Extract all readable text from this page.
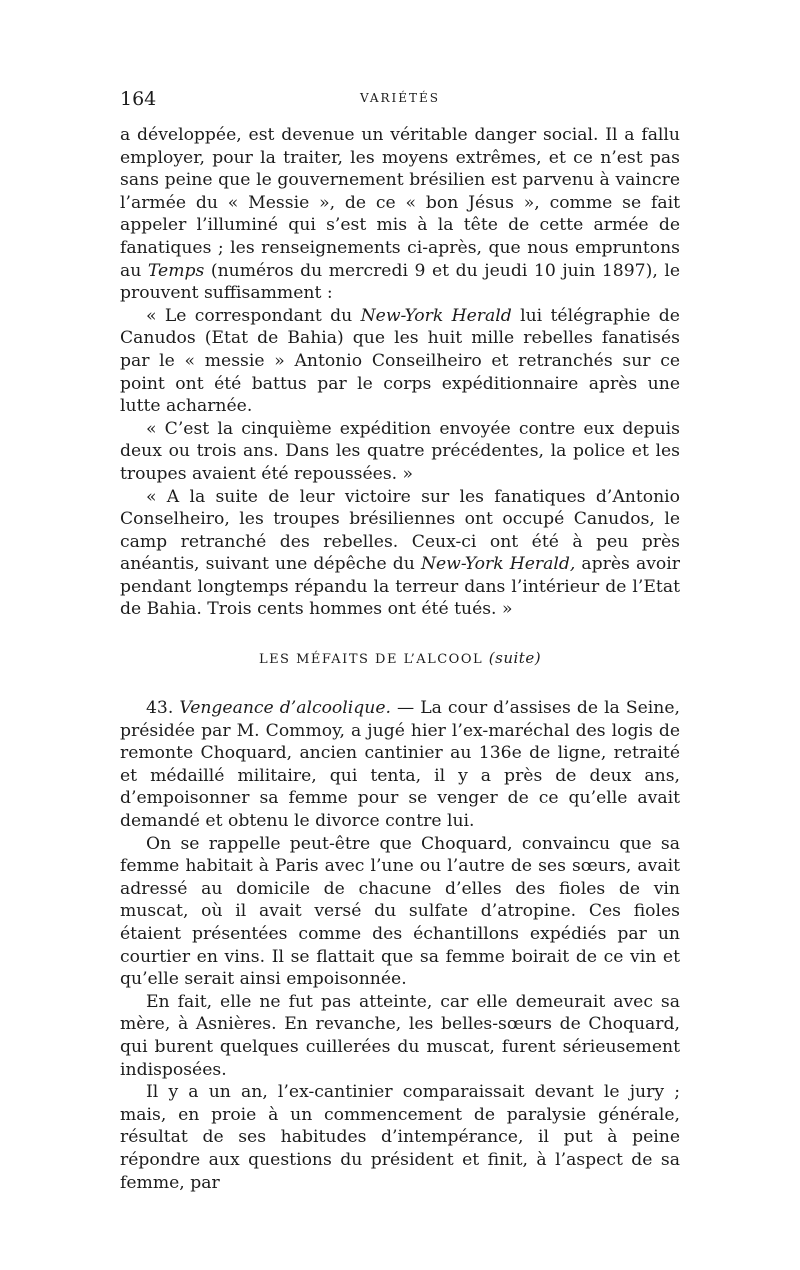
164	VARIÉTÉS

a développée, est devenue un véritable danger social. Il a fallu employer, pour la traiter, les moyens extrêmes, et ce n’est pas sans peine que le gouvernement brésilien est parvenu à vaincre l’armée du « Messie », de ce « bon Jésus », comme se fait appeler l’illuminé qui s’est mis à la tête de cette armée de fanatiques ; les renseignements ci-après, que nous empruntons au Temps (numéros du mercredi 9 et du jeudi 10 juin 1897), le prouvent suffisamment :

« Le correspondant du New-York Herald lui télégraphie de Canudos (Etat de Bahia) que les huit mille rebelles fanatisés par le « messie » Antonio Conseilheiro et retranchés sur ce point ont été battus par le corps expéditionnaire après une lutte acharnée.

« C’est la cinquième expédition envoyée contre eux depuis deux ou trois ans. Dans les quatre précédentes, la police et les troupes avaient été repoussées. »

« A la suite de leur victoire sur les fanatiques d’Antonio Conselheiro, les troupes brésiliennes ont occupé Canudos, le camp retranché des rebelles. Ceux-ci ont été à peu près anéantis, suivant une dépêche du New-York Herald, après avoir pendant longtemps répandu la terreur dans l’intérieur de l’Etat de Bahia. Trois cents hommes ont été tués. »

LES MÉFAITS DE L’ALCOOL (suite)

43. Vengeance d’alcoolique. — La cour d’assises de la Seine, présidée par M. Commoy, a jugé hier l’ex-maréchal des logis de remonte Choquard, ancien cantinier au 136e de ligne, retraité et médaillé militaire, qui tenta, il y a près de deux ans, d’empoisonner sa femme pour se venger de ce qu’elle avait demandé et obtenu le divorce contre lui.

On se rappelle peut-être que Choquard, convaincu que sa femme habitait à Paris avec l’une ou l’autre de ses sœurs, avait adressé au domicile de chacune d’elles des fioles de vin muscat, où il avait versé du sulfate d’atropine. Ces fioles étaient présentées comme des échantillons expédiés par un courtier en vins. Il se flattait que sa femme boirait de ce vin et qu’elle serait ainsi empoisonnée.

En fait, elle ne fut pas atteinte, car elle demeurait avec sa mère, à Asnières. En revanche, les belles-sœurs de Choquard, qui burent quelques cuillerées du muscat, furent sérieusement indisposées.

Il y a un an, l’ex-cantinier comparaissait devant le jury ; mais, en proie à un commencement de paralysie générale, résultat de ses habitudes d’intempérance, il put à peine répondre aux questions du président et finit, à l’aspect de sa femme, par
